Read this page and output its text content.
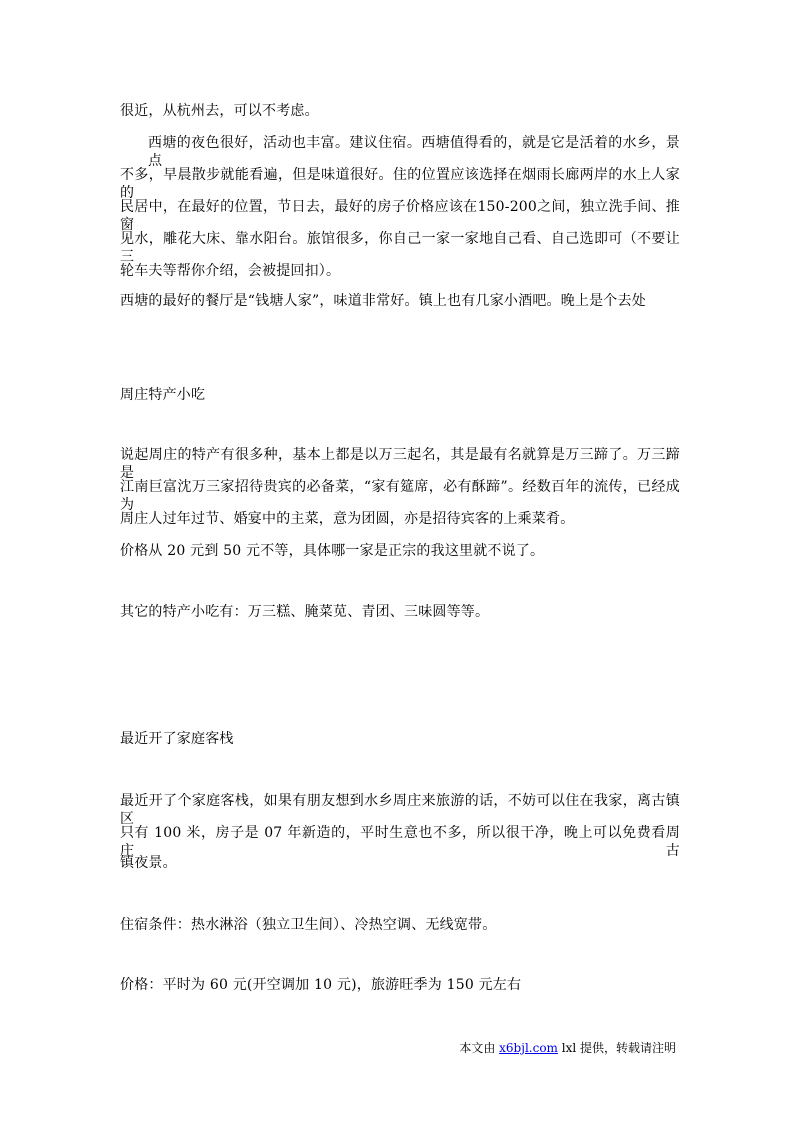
很近，从杭州去，可以不考虑。
西塘的夜色很好，活动也丰富。建议住宿。西塘值得看的，就是它是活着的水乡，景点
不多，早晨散步就能看遍，但是味道很好。住的位置应该选择在烟雨长廊两岸的水上人家的
民居中，在最好的位置，节日去，最好的房子价格应该在150-200之间，独立洗手间、推窗
见水，雕花大床、靠水阳台。旅馆很多，你自己一家一家地自己看、自己选即可（不要让三
轮车夫等帮你介绍，会被提回扣）。
西塘的最好的餐厅是“钱塘人家”，味道非常好。镇上也有几家小酒吧。晚上是个去处
周庄特产小吃
说起周庄的特产有很多种，基本上都是以万三起名，其是最有名就算是万三蹄了。万三蹄是
江南巨富沈万三家招待贵宾的必备菜，“家有筵席，必有酥蹄”。经数百年的流传，已经成为
周庄人过年过节、婚宴中的主菜，意为团圆，亦是招待宾客的上乘菜肴。
价格从 20 元到 50 元不等，具体哪一家是正宗的我这里就不说了。
其它的特产小吃有：万三糕、腌菜苋、青团、三味圆等等。
最近开了家庭客栈
最近开了个家庭客栈，如果有朋友想到水乡周庄来旅游的话，不妨可以住在我家，离古镇区
只有 100 米，房子是 07 年新造的，平时生意也不多，所以很干净，晚上可以免费看周庄古
镇夜景。
住宿条件：热水淋浴（独立卫生间）、冷热空调、无线宽带。
价格：平时为 60 元(开空调加 10 元)，旅游旺季为 150 元左右
本文由 x6bjl.com lxl 提供，转载请注明
